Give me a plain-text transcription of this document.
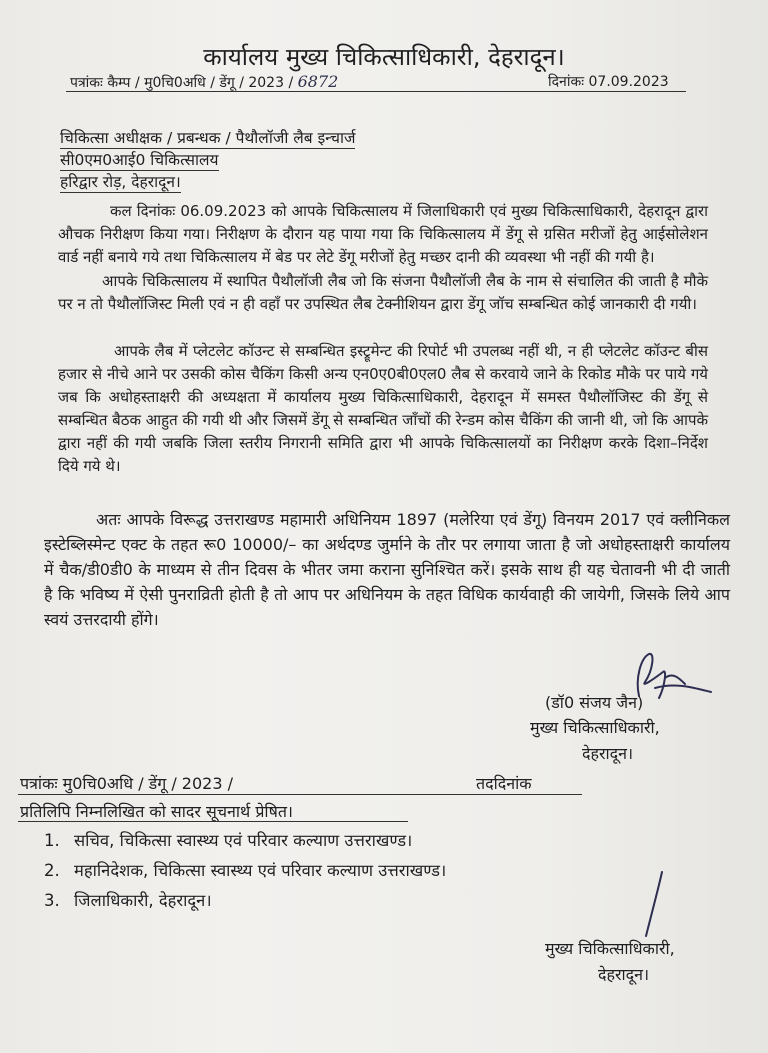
कार्यालय मुख्य चिकित्साधिकारी, देहरादून।
पत्रांकः कैम्प / मु0चि0अधि / डेंगू / 2023 / 6872	दिनांकः 07.09.2023
चिकित्सा अधीक्षक / प्रबन्धक / पैथौलॉजी लैब इन्चार्ज
सी0एम0आई0 चिकित्सालय
हरिद्वार रोड़, देहरादून।
कल दिनांकः 06.09.2023 को आपके चिकित्सालय में जिलाधिकारी एवं मुख्य चिकित्साधिकारी, देहरादून द्वारा औचक निरीक्षण किया गया। निरीक्षण के दौरान यह पाया गया कि चिकित्सालय में डेंगू से ग्रसित मरीजों हेतु आईसोलेशन वार्ड नहीं बनाये गये तथा चिकित्सालय में बेड पर लेटे डेंगू मरीजों हेतु मच्छर दानी की व्यवस्था भी नहीं की गयी है।
आपके चिकित्सालय में स्थापित पैथौलॉजी लैब जो कि संजना पैथौलॉजी लैब के नाम से संचालित की जाती है मौके पर न तो पैथौलॉजिस्ट मिली एवं न ही वहाँ पर उपस्थित लैब टेक्नीशियन द्वारा डेंगू जॉच सम्बन्धित कोई जानकारी दी गयी।
आपके लैब में प्लेटलेट कॉउन्ट से सम्बन्धित इस्ट्रूमेन्ट की रिपोर्ट भी उपलब्ध नहीं थी, न ही प्लेटलेट कॉउन्ट बीस हजार से नीचे आने पर उसकी कोस चैकिंग किसी अन्य एन0ए0बी0एल0 लैब से करवाये जाने के रिकोड मौके पर पाये गये जब कि अधोहस्ताक्षरी की अध्यक्षता में कार्यालय मुख्य चिकित्साधिकारी, देहरादून में समस्त पैथौलॉजिस्ट की डेंगू से सम्बन्धित बैठक आहुत की गयी थी और जिसमें डेंगू से सम्बन्धित जाँचों की रेन्डम कोस चैकिंग की जानी थी, जो कि आपके द्वारा नहीं की गयी जबकि जिला स्तरीय निगरानी समिति द्वारा भी आपके चिकित्सालयों का निरीक्षण करके दिशा–निर्देश दिये गये थे।
अतः आपके विरूद्ध उत्तराखण्ड महामारी अधिनियम 1897 (मलेरिया एवं डेंगू) विनयम 2017 एवं क्लीनिकल इस्टेब्लिस्मेन्ट एक्ट के तहत रू0 10000/– का अर्थदण्ड जुर्माने के तौर पर लगाया जाता है जो अधोहस्ताक्षरी कार्यालय में चैक/डी0डी0 के माध्यम से तीन दिवस के भीतर जमा कराना सुनिश्चित करें। इसके साथ ही यह चेतावनी भी दी जाती है कि भविष्य में ऐसी पुनराव्रिती होती है तो आप पर अधिनियम के तहत विधिक कार्यवाही की जायेगी, जिसके लिये आप स्वयं उत्तरदायी होंगे।
(डॉ0 संजय जैन)
मुख्य चिकित्साधिकारी,
देहरादून।
पत्रांकः मु0चि0अधि / डेंगू / 2023 /	तददिनांक
प्रतिलिपि निम्नलिखित को सादर सूचनार्थ प्रेषित।
1. सचिव, चिकित्सा स्वास्थ्य एवं परिवार कल्याण उत्तराखण्ड।
2. महानिदेशक, चिकित्सा स्वास्थ्य एवं परिवार कल्याण उत्तराखण्ड।
3. जिलाधिकारी, देहरादून।
मुख्य चिकित्साधिकारी,
देहरादून।
